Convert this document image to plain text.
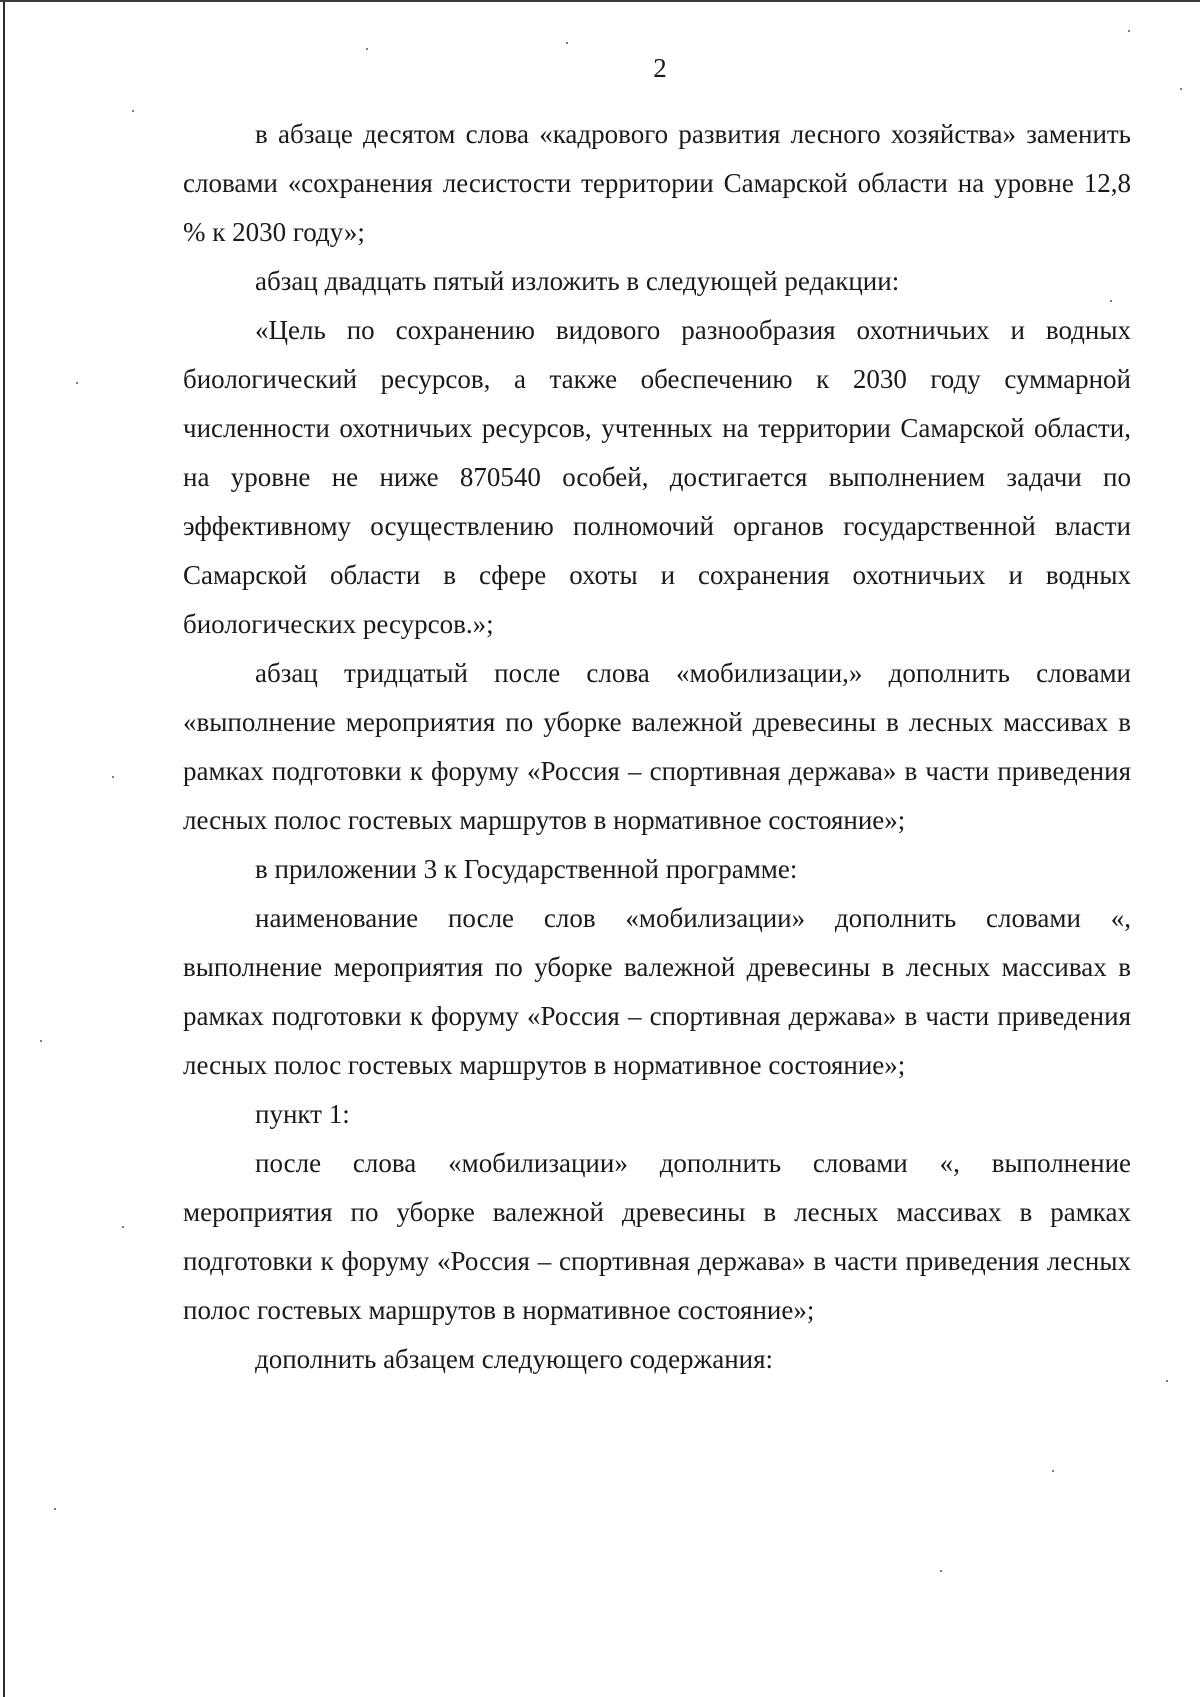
2

в абзаце десятом слова «кадрового развития лесного хозяйства» заменить словами «сохранения лесистости территории Самарской области на уровне 12,8 % к 2030 году»;

абзац двадцать пятый изложить в следующей редакции:

«Цель по сохранению видового разнообразия охотничьих и водных биологический ресурсов, а также обеспечению к 2030 году суммарной численности охотничьих ресурсов, учтенных на территории Самарской области, на уровне не ниже 870540 особей, достигается выполнением задачи по эффективному осуществлению полномочий органов государственной власти Самарской области в сфере охоты и сохранения охотничьих и водных биологических ресурсов.»;

абзац тридцатый после слова «мобилизации,» дополнить словами «выполнение мероприятия по уборке валежной древесины в лесных массивах в рамках подготовки к форуму «Россия – спортивная держава» в части приведения лесных полос гостевых маршрутов в нормативное состояние»;

в приложении 3 к Государственной программе:

наименование после слов «мобилизации» дополнить словами «, выполнение мероприятия по уборке валежной древесины в лесных массивах в рамках подготовки к форуму «Россия – спортивная держава» в части приведения лесных полос гостевых маршрутов в нормативное состояние»;

пункт 1:

после слова «мобилизации» дополнить словами «, выполнение мероприятия по уборке валежной древесины в лесных массивах в рамках подготовки к форуму «Россия – спортивная держава» в части приведения лесных полос гостевых маршрутов в нормативное состояние»;

дополнить абзацем следующего содержания:
